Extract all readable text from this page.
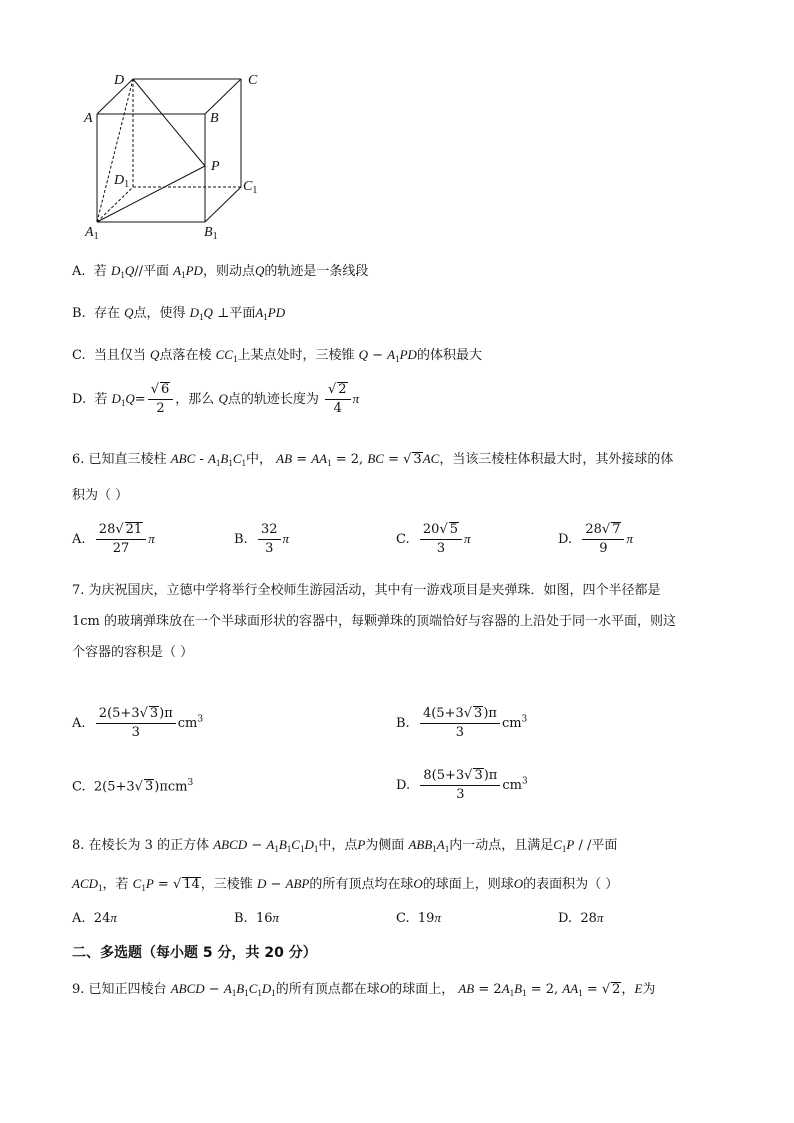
D	C
A	B
P
$D_1$	$C_1$
$A_1$	$B_1$
A. 若 $D_1Q//$平面 $A_1PD$，则动点Q的轨迹是一条线段
B. 存在 Q点，使得 $D_1Q$ ⊥平面$A_1PD$
C. 当且仅当 Q点落在棱 $CC_1$上某点处时，三棱锥 $Q - A_1PD$的体积最大
D. 若 $D_1Q= \frac{√ 6}{2}$ ，那么 Q点的轨迹长度为 $\frac{√ 2}{4}$ π
6. 已知直三棱柱 ABC - $A_1B_1C_1$中， AB = $AA_1 = 2$, BC = √ 3AC，当该三棱柱体积最大时，其外接球的体
积为（ ）
A. $\frac{28√ 21}{27}$ π	B. $\frac{32}{3}$ π	C. $\frac{20√ 5}{3}$ π	D. $\frac{28√ 7}{9}$ π
7. 为庆祝国庆，立德中学将举行全校师生游园活动，其中有一游戏项目是夹弹珠．如图，四个半径都是
1cm 的玻璃弹珠放在一个半球面形状的容器中，每颗弹珠的顶端恰好与容器的上沿处于同一水平面，则这
个容器的容积是（ ）
A. $\frac{2(5+3√ 3)\pi}{3} cm^3$	B. $\frac{4(5+3√ 3)\pi}{3} cm^3$
C. 2(5+3√ 3)πcm$^3$	D. $\frac{8(5+3√ 3)\pi}{3} cm^3$
8. 在棱长为 3 的正方体 ABCD − $A_1B_1C_1D_1$中，点P为侧面 $ABB_1A_1$内一动点，且满足$C_1P$ / /平面
$ACD_1$，若 $C_1P$ = √ 14，三棱锥 D − ABP的所有顶点均在球O的球面上，则球O的表面积为（ ）
A. 24π	B. 16π	C. 19π	D. 28π
二、多选题（每小题 5 分，共 20 分）
9. 已知正四棱台 ABCD − $A_1B_1C_1D_1$的所有顶点都在球O的球面上， AB = $2A_1B_1 = 2$, $AA_1$ = √ 2，E为
